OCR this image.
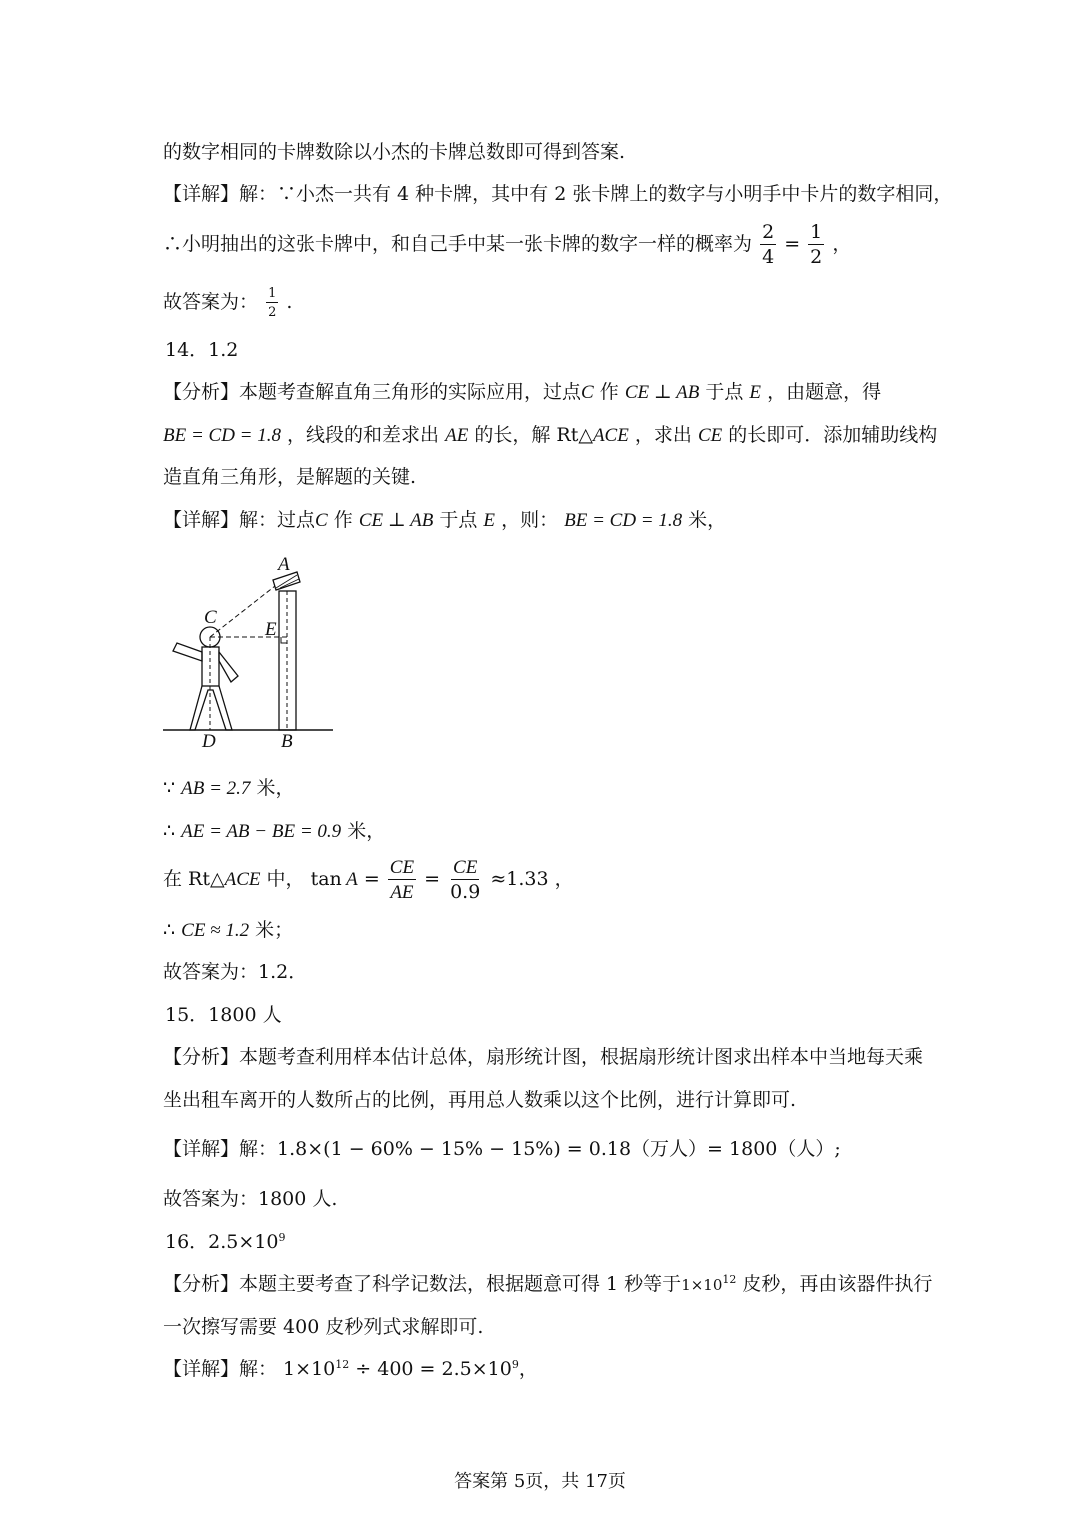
的数字相同的卡牌数除以小杰的卡牌总数即可得到答案.
【详解】解：∵小杰一共有 4 种卡牌，其中有 2 张卡牌上的数字与小明手中卡片的数字相同，
∴小明抽出的这张卡牌中，和自己手中某一张卡牌的数字一样的概率为 $\frac{2}{4} = \frac{1}{2}$ ，
故答案为： $\frac{1}{2}$ .
14．1.2
【分析】本题考查解直角三角形的实际应用，过点C 作 CE ⊥ AB 于点 E ，由题意，得
BE = CD = 1.8 ，线段的和差求出 AE 的长，解 Rt△ACE ，求出 CE 的长即可．添加辅助线构
造直角三角形，是解题的关键.
【详解】解：过点C 作 CE ⊥ AB 于点 E ，则： BE = CD = 1.8 米，
A
C
E
D	B
∵ AB = 2.7 米，
∴ AE = AB − BE = 0.9 米，
在 Rt△ACE 中， $\tan A = \frac{CE}{AE} = \frac{CE}{0.9} \approx 1.33$ ，
∴ CE ≈ 1.2 米；
故答案为：1.2．
15．1800 人
【分析】本题考查利用样本估计总体，扇形统计图，根据扇形统计图求出样本中当地每天乘
坐出租车离开的人数所占的比例，再用总人数乘以这个比例，进行计算即可.
【详解】解：1.8×(1 − 60% − 15% − 15%) = 0.18（万人）= 1800（人）;
故答案为：1800 人.
16．$2.5\times 10^9$
【分析】本题主要考查了科学记数法，根据题意可得 1 秒等于$1\times 10^{12}$ 皮秒，再由该器件执行
一次擦写需要 400 皮秒列式求解即可.
【详解】解： $1\times 10^{12} \div 400 = 2.5\times 10^9$，
答案第 5页，共 17页
